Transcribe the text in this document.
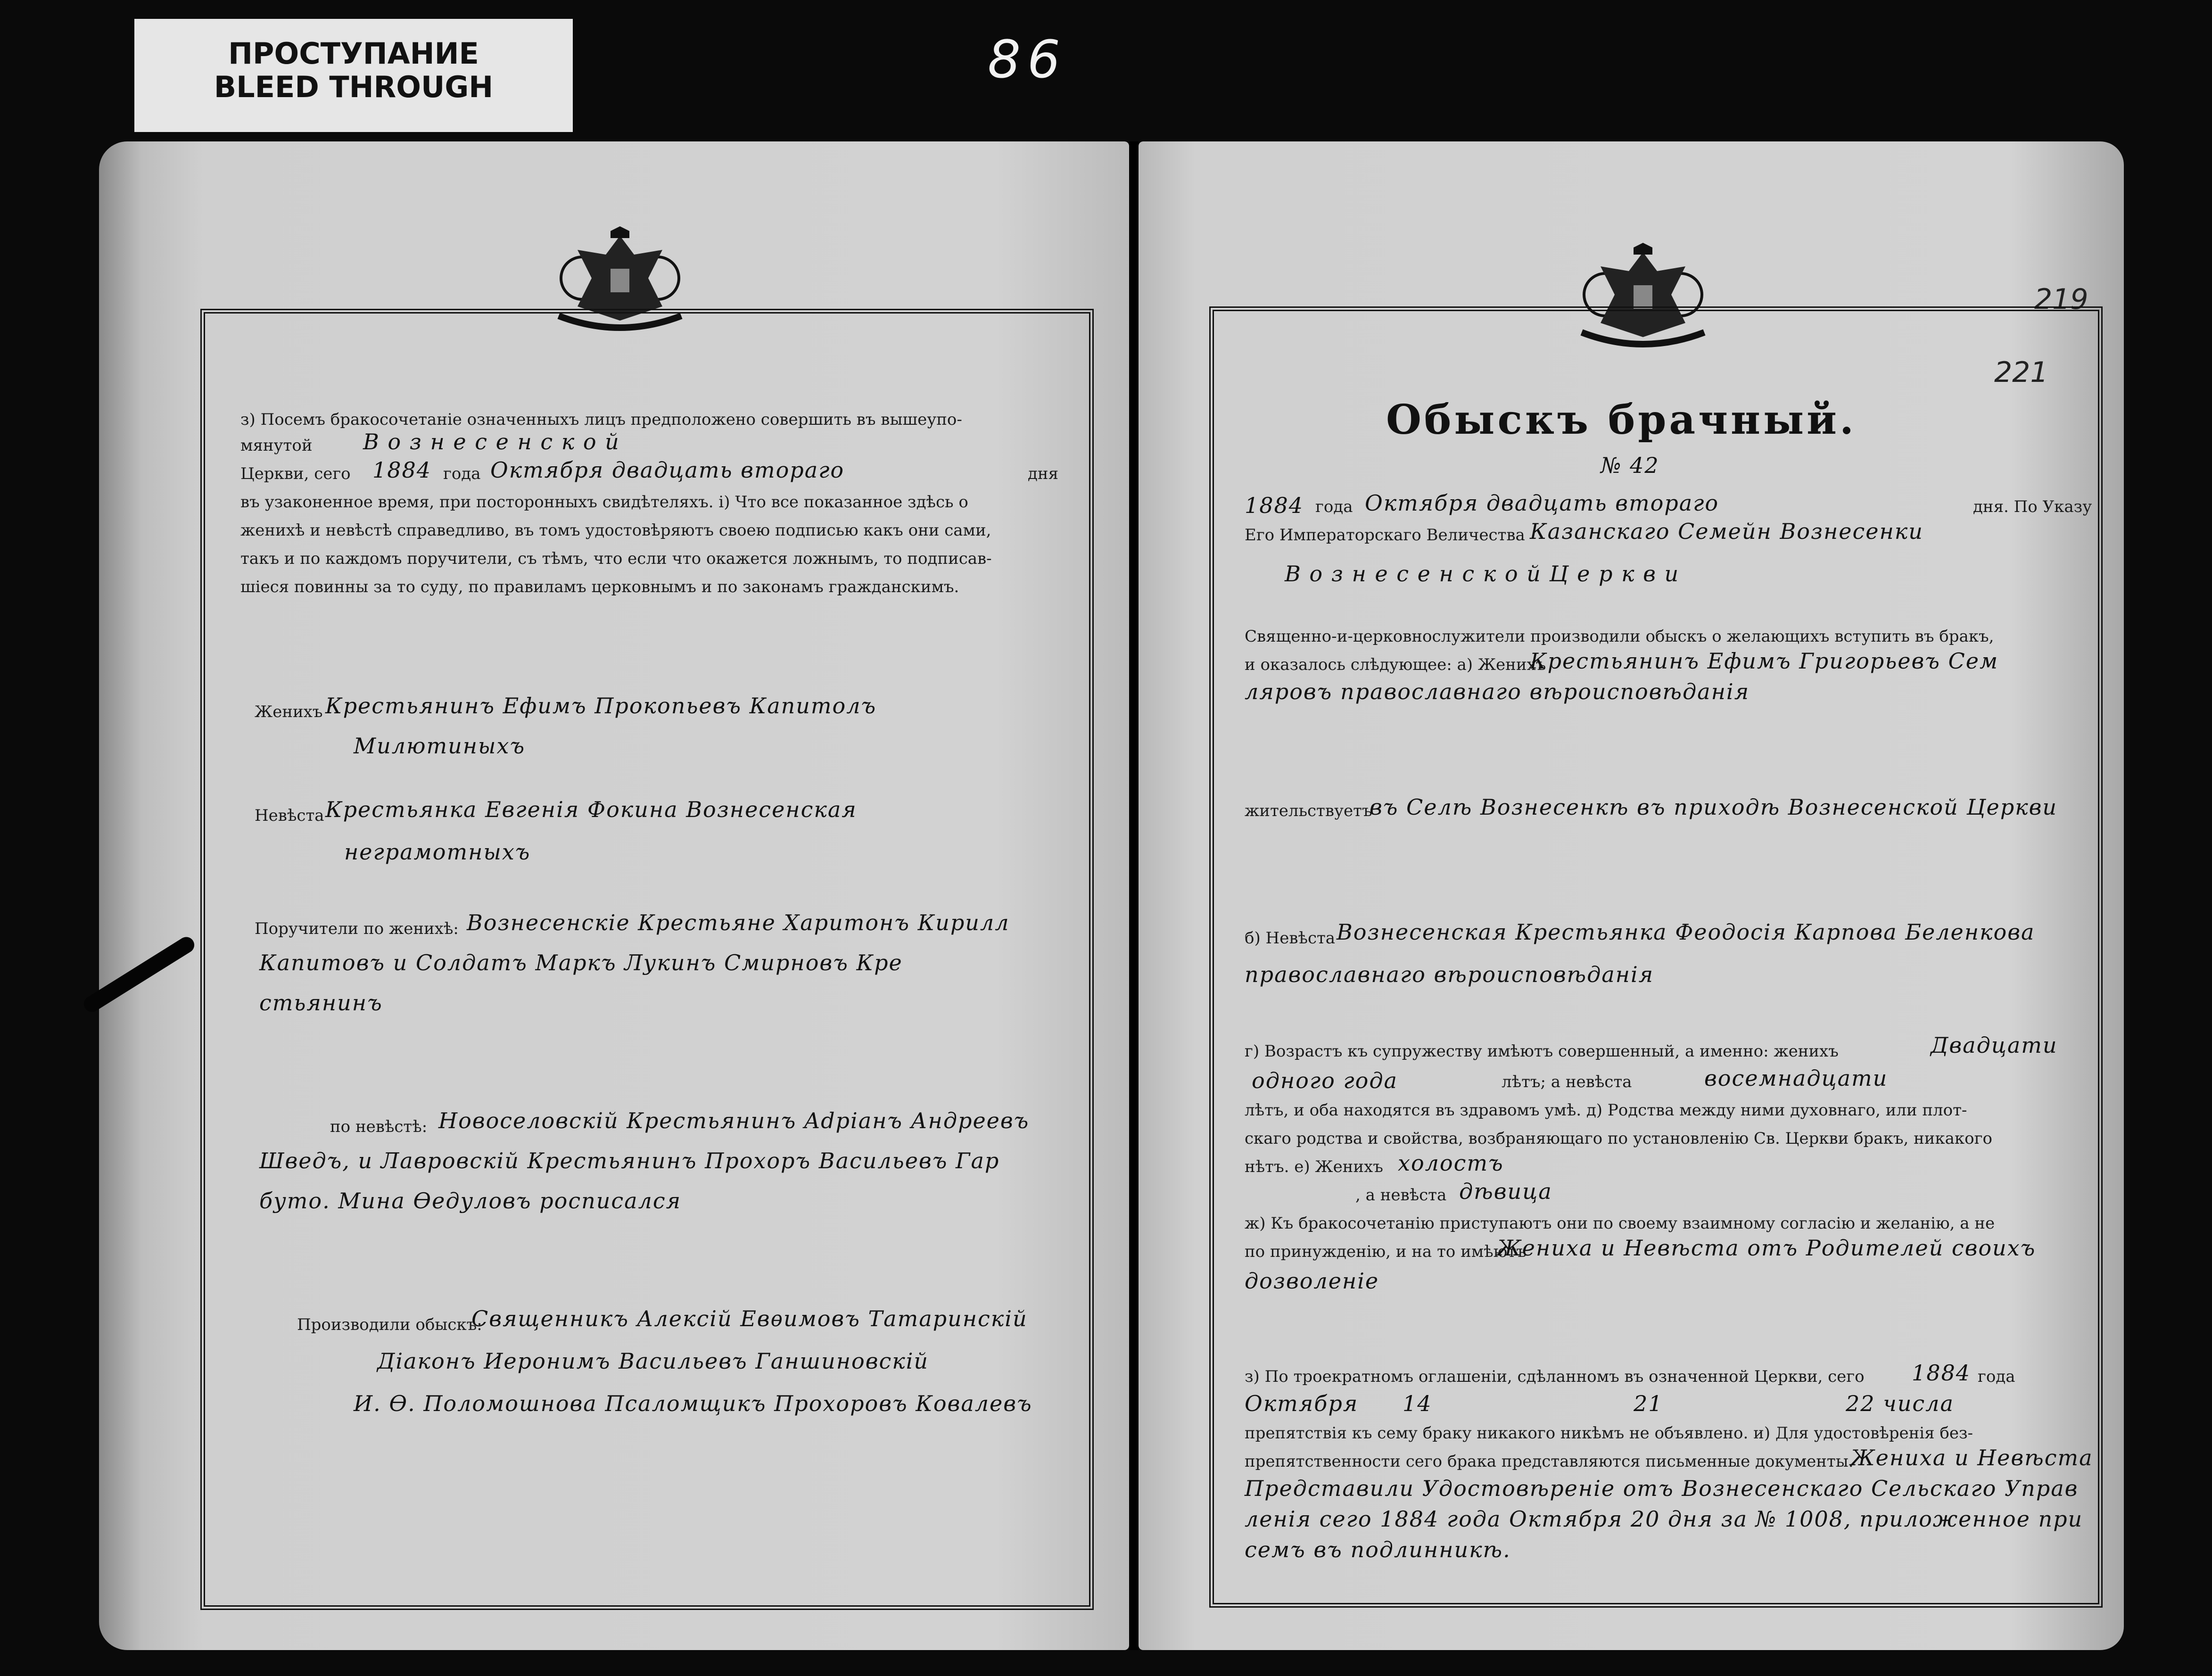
ПРОСТУПАНИЕ
BLEED THROUGH	86
з) Посемъ бракосочетаніе означенныхъ лицъ предположено совершить въ вышеупо-
мянутой В о з н е с е н с к о й
Церкви, сего 1884 года Октября двадцать втораго	дня
въ узаконенное время, при посторонныхъ свидѣтеляхъ. і) Что все показанное здѣсь о
женихѣ и невѣстѣ справедливо, въ томъ удостовѣряютъ своею подписью какъ они сами,
такъ и по каждомъ поручители, съ тѣмъ, что если что окажется ложнымъ, то подписав-
шіеся повинны за то суду, по правиламъ церковнымъ и по законамъ гражданскимъ.
Женихъ Крестьянинъ Ефимъ Прокопьевъ Капитолъ
Милютиныхъ
Невѣста Крестьянка Евгенія Фокина Вознесенская
неграмотныхъ
Поручители по женихѣ: Вознесенскіе Крестьяне Харитонъ Кирилл
Капитовъ и Солдатъ Маркъ Лукинъ Смирновъ Кре
стьянинъ
по невѣстѣ: Новоселовскій Крестьянинъ Adріанъ Андреевъ
Шведъ, и Лавровскій Крестьянинъ Прохоръ Васильевъ Гар
буто. Мина Ѳедуловъ росписался
Производили обыскъ:
Священникъ Алексій Евѳимовъ Татаринскій
Діаконъ Иеронимъ Васильевъ Ганшиновскій
И. Ѳ. Поломошнова Псаломщикъ Прохоровъ Ковалевъ
219
221
Обыскъ брачный.
№ 42
1884 года Октября двадцать втораго	дня. По Указу
Его Императорскаго Величества Казанскаго Семейн Вознесенки
В о з н е с е н с к о й Ц е р к в и
Священно-и-церковнослужители производили обыскъ о желающихъ вступить въ бракъ,
и оказалось слѣдующее: а) Женихъ
Крестьянинъ Ефимъ Григорьевъ Сем
ляровъ православнаго вѣроисповѣданія
жительствуетъ
въ Селѣ Вознесенкѣ въ приходѣ Вознесенской Церкви
б) Невѣста Вознесенская Крестьянка Феодосія Карпова Беленкова
православнаго вѣроисповѣданія
г) Возрастъ къ супружеству имѣютъ совершенный, а именно: женихъ	Двадцати
одного года	лѣтъ; а невѣста	восемнадцати
лѣтъ, и оба находятся въ здравомъ умѣ. д) Родства между ними духовнаго, или плот-
скаго родства и свойства, возбраняющаго по установленію Св. Церкви бракъ, никакого
нѣтъ. е) Женихъ холостъ
, а невѣста дѣвица
ж) Къ бракосочетанію приступаютъ они по своему взаимному согласію и желанію, а не
по принужденію, и на то имѣютъ
Жениха и Невѣста отъ Родителей своихъ
дозволеніе
з) По троекратномъ оглашеніи, сдѣланномъ въ означенной Церкви, сего 1884 года
Октября 14	21	22 числа
препятствія къ сему браку никакого никѣмъ не объявлено. и) Для удостовѣренія без-
препятственности сего брака представляются письменные документы.
Жениха и Невѣста
Представили Удостовѣреніе отъ Вознесенскаго Сельскаго Управ
ленія сего 1884 года Октября 20 дня за № 1008, приложенное при
семъ въ подлинникѣ.
